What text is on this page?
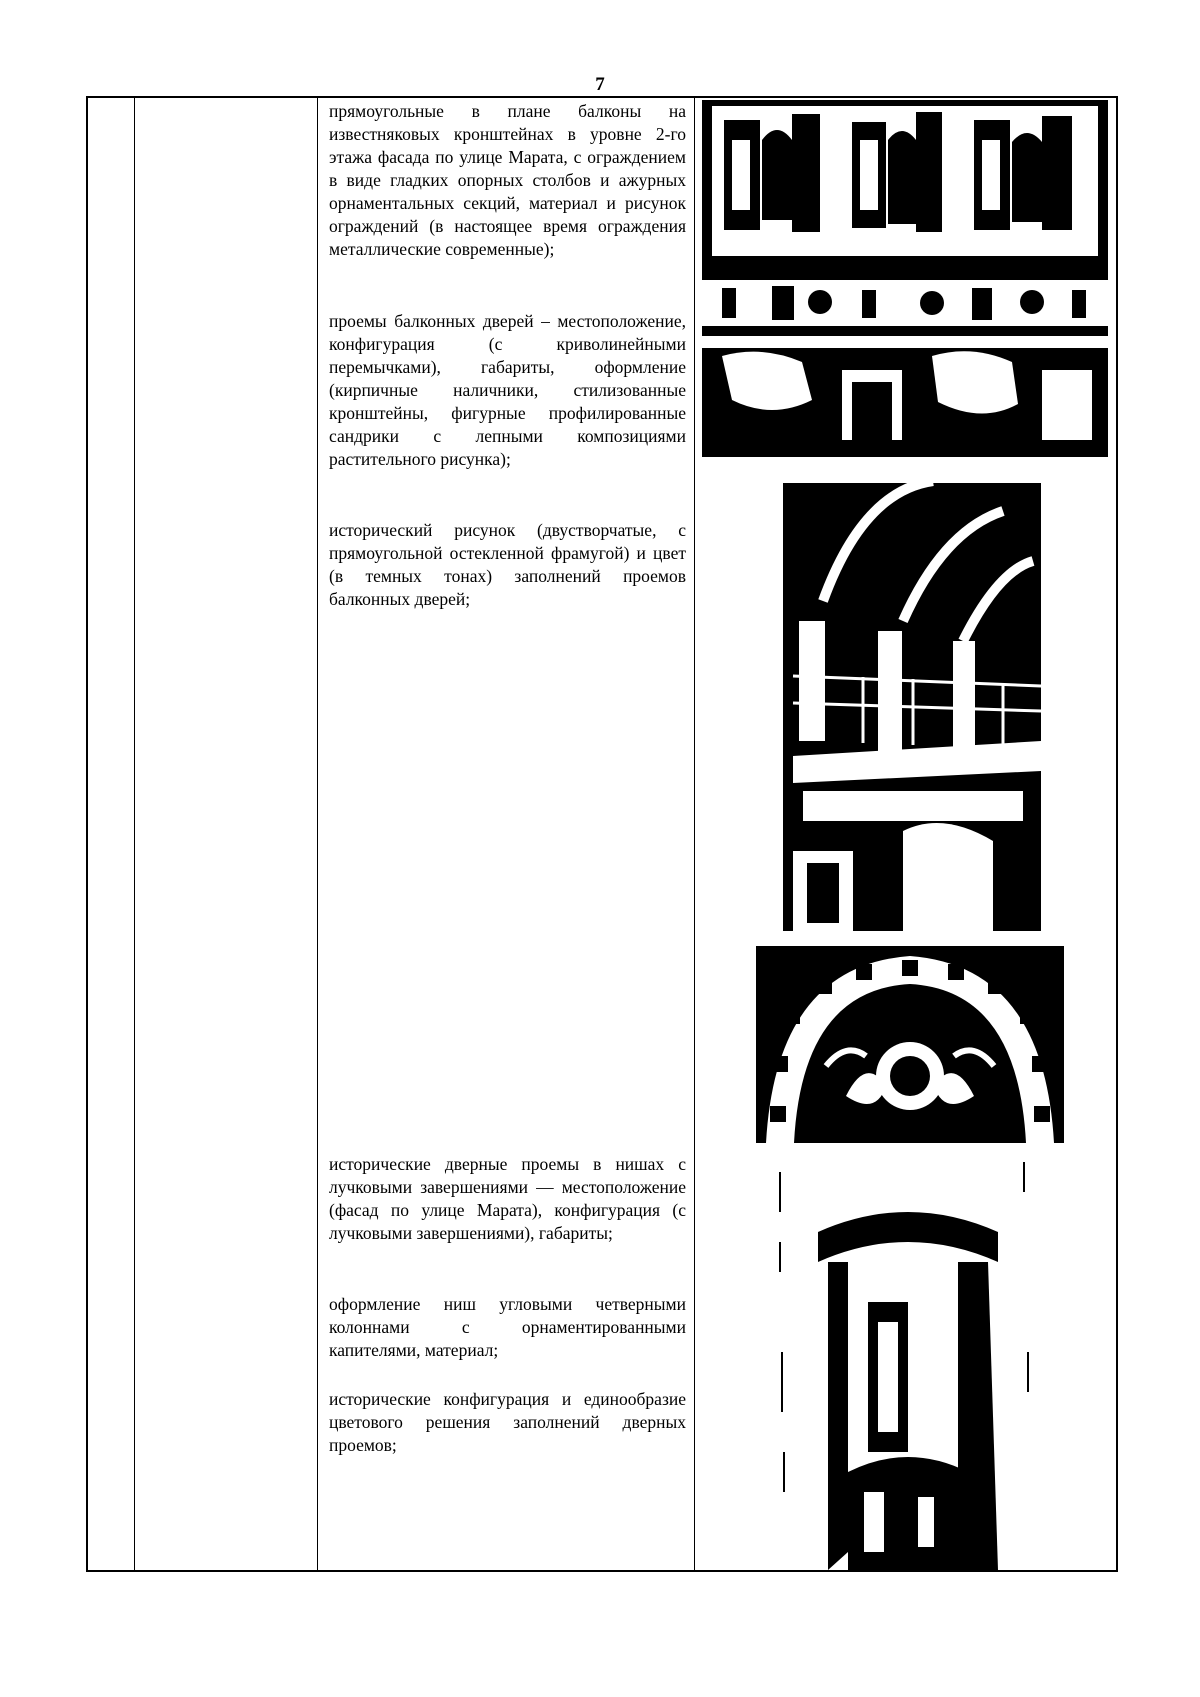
7

прямоугольные в плане балконы на известняковых кронштейнах в уровне 2-го этажа фасада по улице Марата, с ограждением в виде гладких опорных столбов и ажурных орнаментальных секций, материал и рисунок ограждений (в настоящее время ограждения металлические современные);

проемы балконных дверей – местоположение, конфигурация (с криволинейными перемычками), габариты, оформление (кирпичные наличники, стилизованные кронштейны, фигурные профилированные сандрики с лепными композициями растительного рисунка);

исторический рисунок (двустворчатые, с прямоугольной остекленной фрамугой) и цвет (в темных тонах) заполнений проемов балконных дверей;

исторические дверные проемы в нишах с лучковыми завершениями — местоположение (фасад по улице Марата), конфигурация (с лучковыми завершениями), габариты;

оформление ниш угловыми четверными колоннами с орнаментированными капителями, материал;

исторические конфигурация и единообразие цветового решения заполнений дверных проемов;
